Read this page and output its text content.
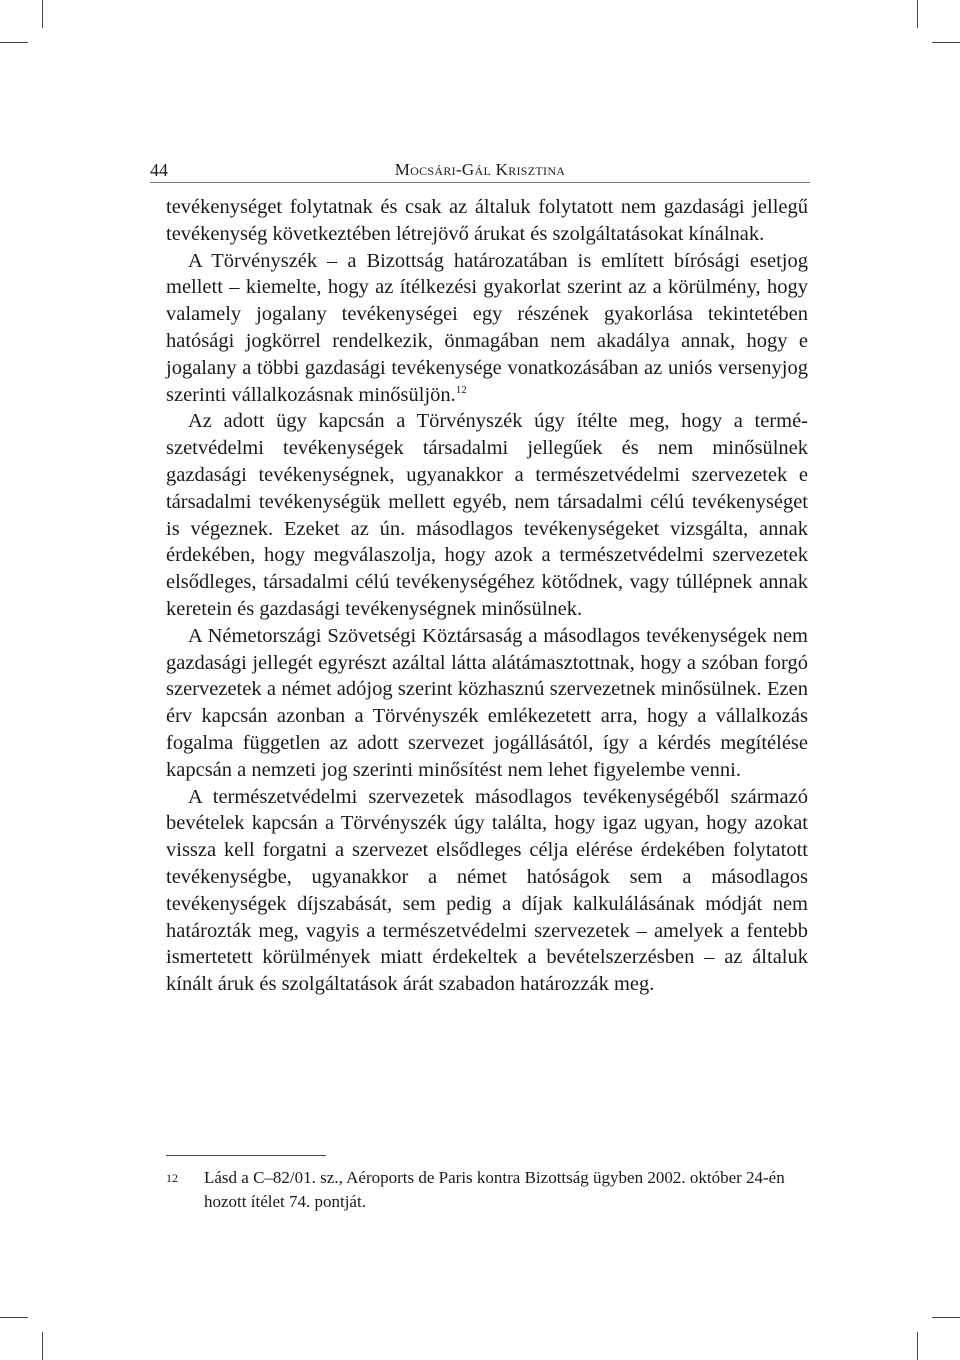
44	Mocsári-Gál Krisztina

tevékenységet folytatnak és csak az általuk folytatott nem gazdasági jellegű tevékenység következtében létrejövő árukat és szolgáltatásokat kínálnak.

A Törvényszék – a Bizottság határozatában is említett bírósági esetjog mellett – kiemelte, hogy az ítélkezési gyakorlat szerint az a körülmény, hogy valamely jogalany tevékenységei egy részének gyakorlása tekintetében hatósági jogkörrel rendelkezik, önmagában nem akadálya annak, hogy e jogalany a többi gazdasági tevékenysége vonatkozásában az uniós versenyjog szerinti vállalkozásnak minősüljön.$^{12}$

Az adott ügy kapcsán a Törvényszék úgy ítélte meg, hogy a természetvédelmi tevékenységek társadalmi jellegűek és nem minősülnek gazdasági tevékenységnek, ugyanakkor a természetvédelmi szervezetek e társadalmi tevékenységük mellett egyéb, nem társadalmi célú tevékenységet is végeznek. Ezeket az ún. másodlagos tevékenységeket vizsgálta, annak érdekében, hogy megválaszolja, hogy azok a természetvédelmi szervezetek elsődleges, társadalmi célú tevékenységéhez kötődnek, vagy túllépnek annak keretein és gazdasági tevékenységnek minősülnek.

A Németországi Szövetségi Köztársaság a másodlagos tevékenységek nem gazdasági jellegét egyrészt azáltal látta alátámasztottnak, hogy a szóban forgó szervezetek a német adójog szerint közhasznú szervezetnek minősülnek. Ezen érv kapcsán azonban a Törvényszék emlékezetett arra, hogy a vállalkozás fogalma független az adott szervezet jogállásától, így a kérdés megítélése kapcsán a nemzeti jog szerinti minősítést nem lehet figyelembe venni.

A természetvédelmi szervezetek másodlagos tevékenységéből származó bevételek kapcsán a Törvényszék úgy találta, hogy igaz ugyan, hogy azokat vissza kell forgatni a szervezet elsődleges célja elérése érdekében folytatott tevékenységbe, ugyanakkor a német hatóságok sem a másodlagos tevékenységek díjszabását, sem pedig a díjak kalkulálásának módját nem határozták meg, vagyis a természetvédelmi szervezetek – amelyek a fentebb ismertetett körülmények miatt érdekeltek a bevételszerzésben – az általuk kínált áruk és szolgáltatások árát szabadon határozzák meg.

12 Lásd a C‒82/01. sz., Aéroports de Paris kontra Bizottság ügyben 2002. október 24-én hozott ítélet 74. pontját.
